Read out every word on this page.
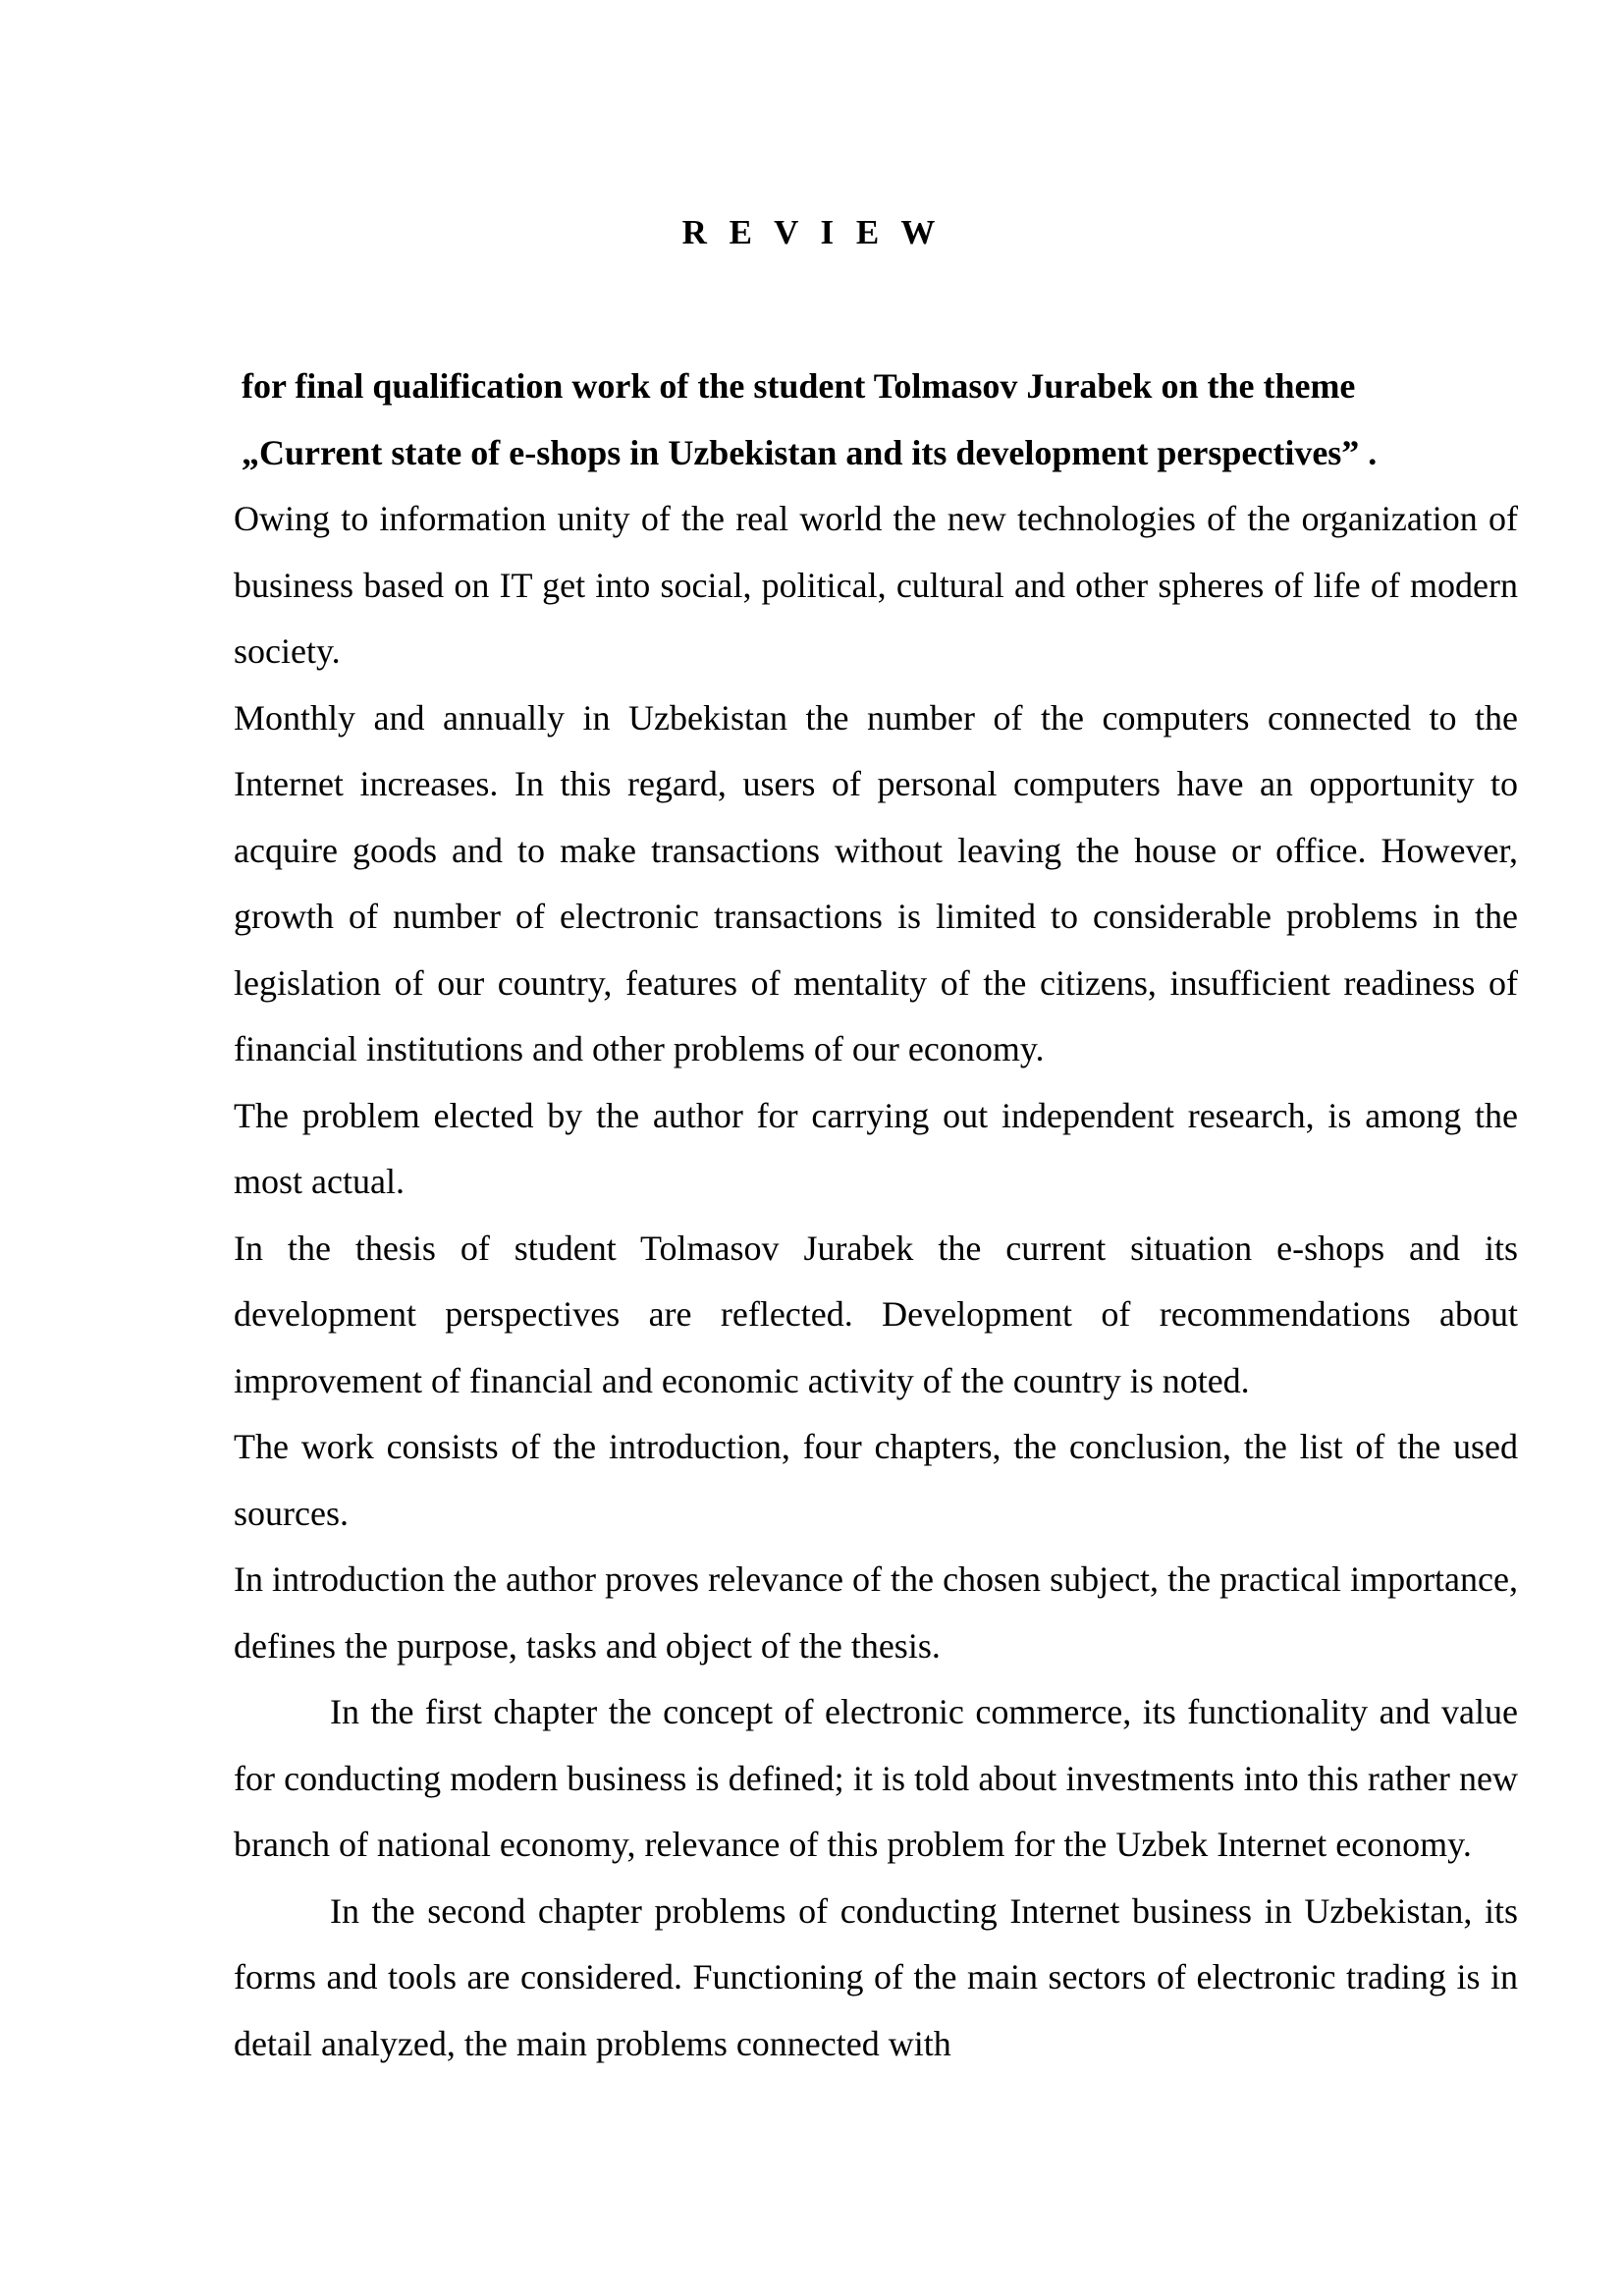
R E V I E W

for final qualification work of the student Tolmasov Jurabek on the theme

„Current state of e-shops in Uzbekistan and its development perspectives” .

Owing to information unity of the real world the new technologies of the organization of business based on IT get into social, political, cultural and other spheres of life of modern society.

Monthly and annually in Uzbekistan the number of the computers connected to the Internet increases. In this regard, users of personal computers have an opportunity to acquire goods and to make transactions without leaving the house or office. However, growth of number of electronic transactions is limited to considerable problems in the legislation of our country, features of mentality of the citizens, insufficient readiness of financial institutions and other problems of our economy.

The problem elected by the author for carrying out independent research, is among the most actual.

In the thesis of student Tolmasov Jurabek the current situation e-shops and its development perspectives are reflected. Development of recommendations about improvement of financial and economic activity of the country is noted.

The work consists of the introduction, four chapters, the conclusion, the list of the used sources.

In introduction the author proves relevance of the chosen subject, the practical importance, defines the purpose, tasks and object of the thesis.

In the first chapter the concept of electronic commerce, its functionality and value for conducting modern business is defined; it is told about investments into this rather new branch of national economy, relevance of this problem for the Uzbek Internet economy.

In the second chapter problems of conducting Internet business in Uzbekistan, its forms and tools are considered. Functioning of the main sectors of electronic trading is in detail analyzed, the main problems connected with
